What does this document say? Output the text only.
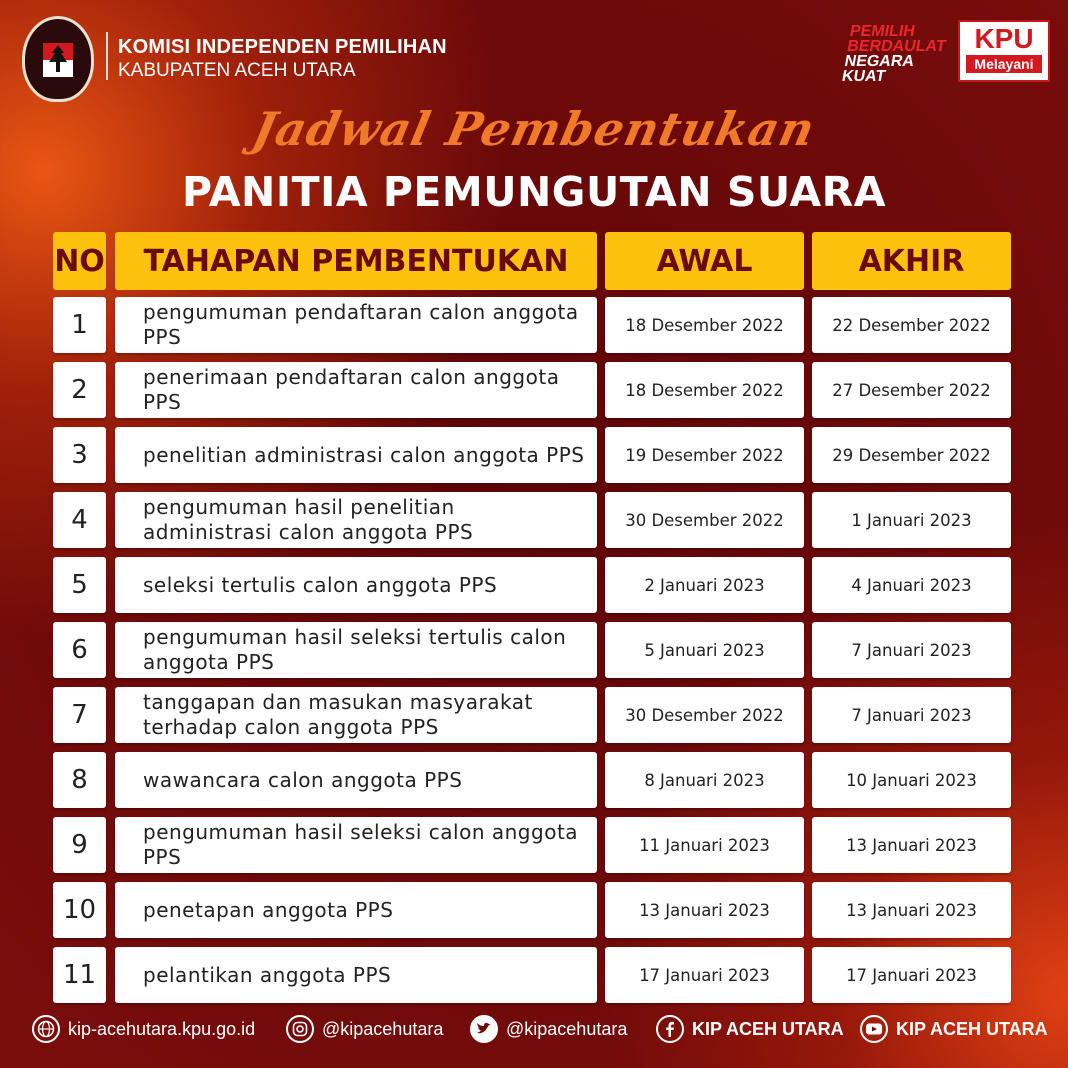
KOMISI INDEPENDEN PEMILIHAN
KABUPATEN ACEH UTARA
PEMILIH BERDAULAT
NEGARA KUAT
KPU
Melayani
Jadwal Pembentukan
PANITIA PEMUNGUTAN SUARA
NO	TAHAPAN PEMBENTUKAN	AWAL	AKHIR
1	pengumuman pendaftaran calon anggota PPS	18 Desember 2022	22 Desember 2022
2	penerimaan pendaftaran calon anggota PPS	18 Desember 2022	27 Desember 2022
3	penelitian administrasi calon anggota PPS	19 Desember 2022	29 Desember 2022
4	pengumuman hasil penelitian administrasi calon anggota PPS	30 Desember 2022	1 Januari 2023
5	seleksi tertulis calon anggota PPS	2 Januari 2023	4 Januari 2023
6	pengumuman hasil seleksi tertulis calon anggota PPS	5 Januari 2023	7 Januari 2023
7	tanggapan dan masukan masyarakat terhadap calon anggota PPS	30 Desember 2022	7 Januari 2023
8	wawancara calon anggota PPS	8 Januari 2023	10 Januari 2023
9	pengumuman hasil seleksi calon anggota PPS	11 Januari 2023	13 Januari 2023
10	penetapan anggota PPS	13 Januari 2023	13 Januari 2023
11	pelantikan anggota PPS	17 Januari 2023	17 Januari 2023
kip-acehutara.kpu.go.id	@kipacehutara	@kipacehutara	KIP ACEH UTARA	KIP ACEH UTARA
